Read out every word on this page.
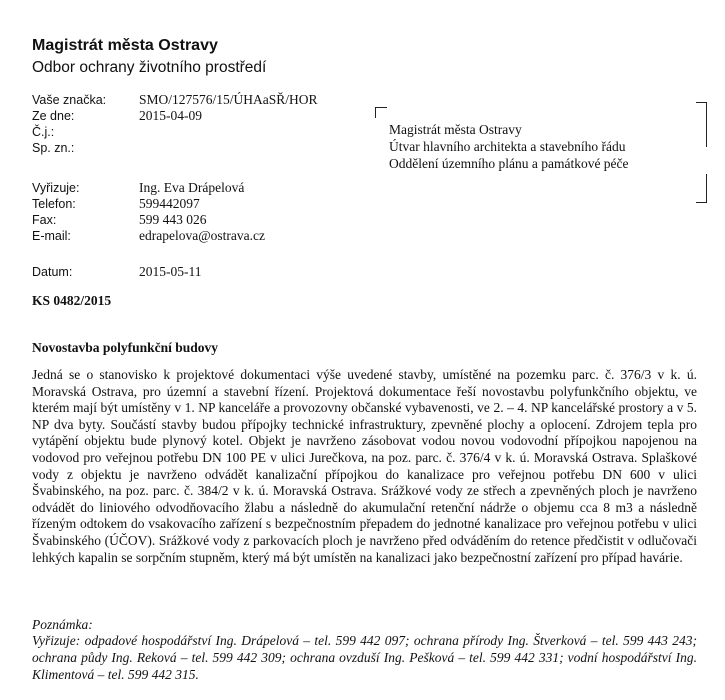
Magistrát města Ostravy
Odbor ochrany životního prostředí
Vaše značka: SMO/127576/15/ÚHAaSŘ/HOR
Ze dne:	2015-04-09
Č.j.:
Sp. zn.:
Vyřizuje:	Ing. Eva Drápelová
Telefon:	599442097
Fax:	599 443 026
E-mail:	edrapelova@ostrava.cz
Datum:	2015-05-11
Magistrát města Ostravy
Útvar hlavního architekta a stavebního řádu
Oddělení územního plánu a památkové péče
KS 0482/2015
Novostavba polyfunkční budovy

Jedná se o stanovisko k projektové dokumentaci výše uvedené stavby, umístěné na pozemku parc. č. 376/3 v k. ú. Moravská Ostrava, pro územní a stavební řízení. Projektová dokumentace řeší novostavbu polyfunkčního objektu, ve kterém mají být umístěny v 1. NP kanceláře a provozovny občanské vybavenosti, ve 2. – 4. NP kancelářské prostory a v 5. NP dva byty. Součástí stavby budou přípojky technické infrastruktury, zpevněné plochy a oplocení. Zdrojem tepla pro vytápění objektu bude plynový kotel. Objekt je navrženo zásobovat vodou novou vodovodní přípojkou napojenou na vodovod pro veřejnou potřebu DN 100 PE v ulici Jurečkova, na poz. parc. č. 376/4 v k. ú. Moravská Ostrava. Splaškové vody z objektu je navrženo odvádět kanalizační přípojkou do kanalizace pro veřejnou potřebu DN 600 v ulici Švabinského, na poz. parc. č. 384/2 v k. ú. Moravská Ostrava. Srážkové vody ze střech a zpevněných ploch je navrženo odvádět do liniového odvodňovacího žlabu a následně do akumulační retenční nádrže o objemu cca 8 m3 a následně řízeným odtokem do vsakovacího zařízení s bezpečnostním přepadem do jednotné kanalizace pro veřejnou potřebu v ulici Švabinského (ÚČOV). Srážkové vody z parkovacích ploch je navrženo před odváděním do retence předčistit v odlučovači lehkých kapalin se sorpčním stupněm, který má být umístěn na kanalizaci jako bezpečnostní zařízení pro případ havárie.

Poznámka:

Vyřizuje: odpadové hospodářství Ing. Drápelová – tel. 599 442 097; ochrana přírody Ing. Štverková – tel. 599 443 243; ochrana půdy Ing. Reková – tel. 599 442 309; ochrana ovzduší Ing. Pešková – tel. 599 442 331; vodní hospodářství Ing. Klimentová – tel. 599 442 315.
